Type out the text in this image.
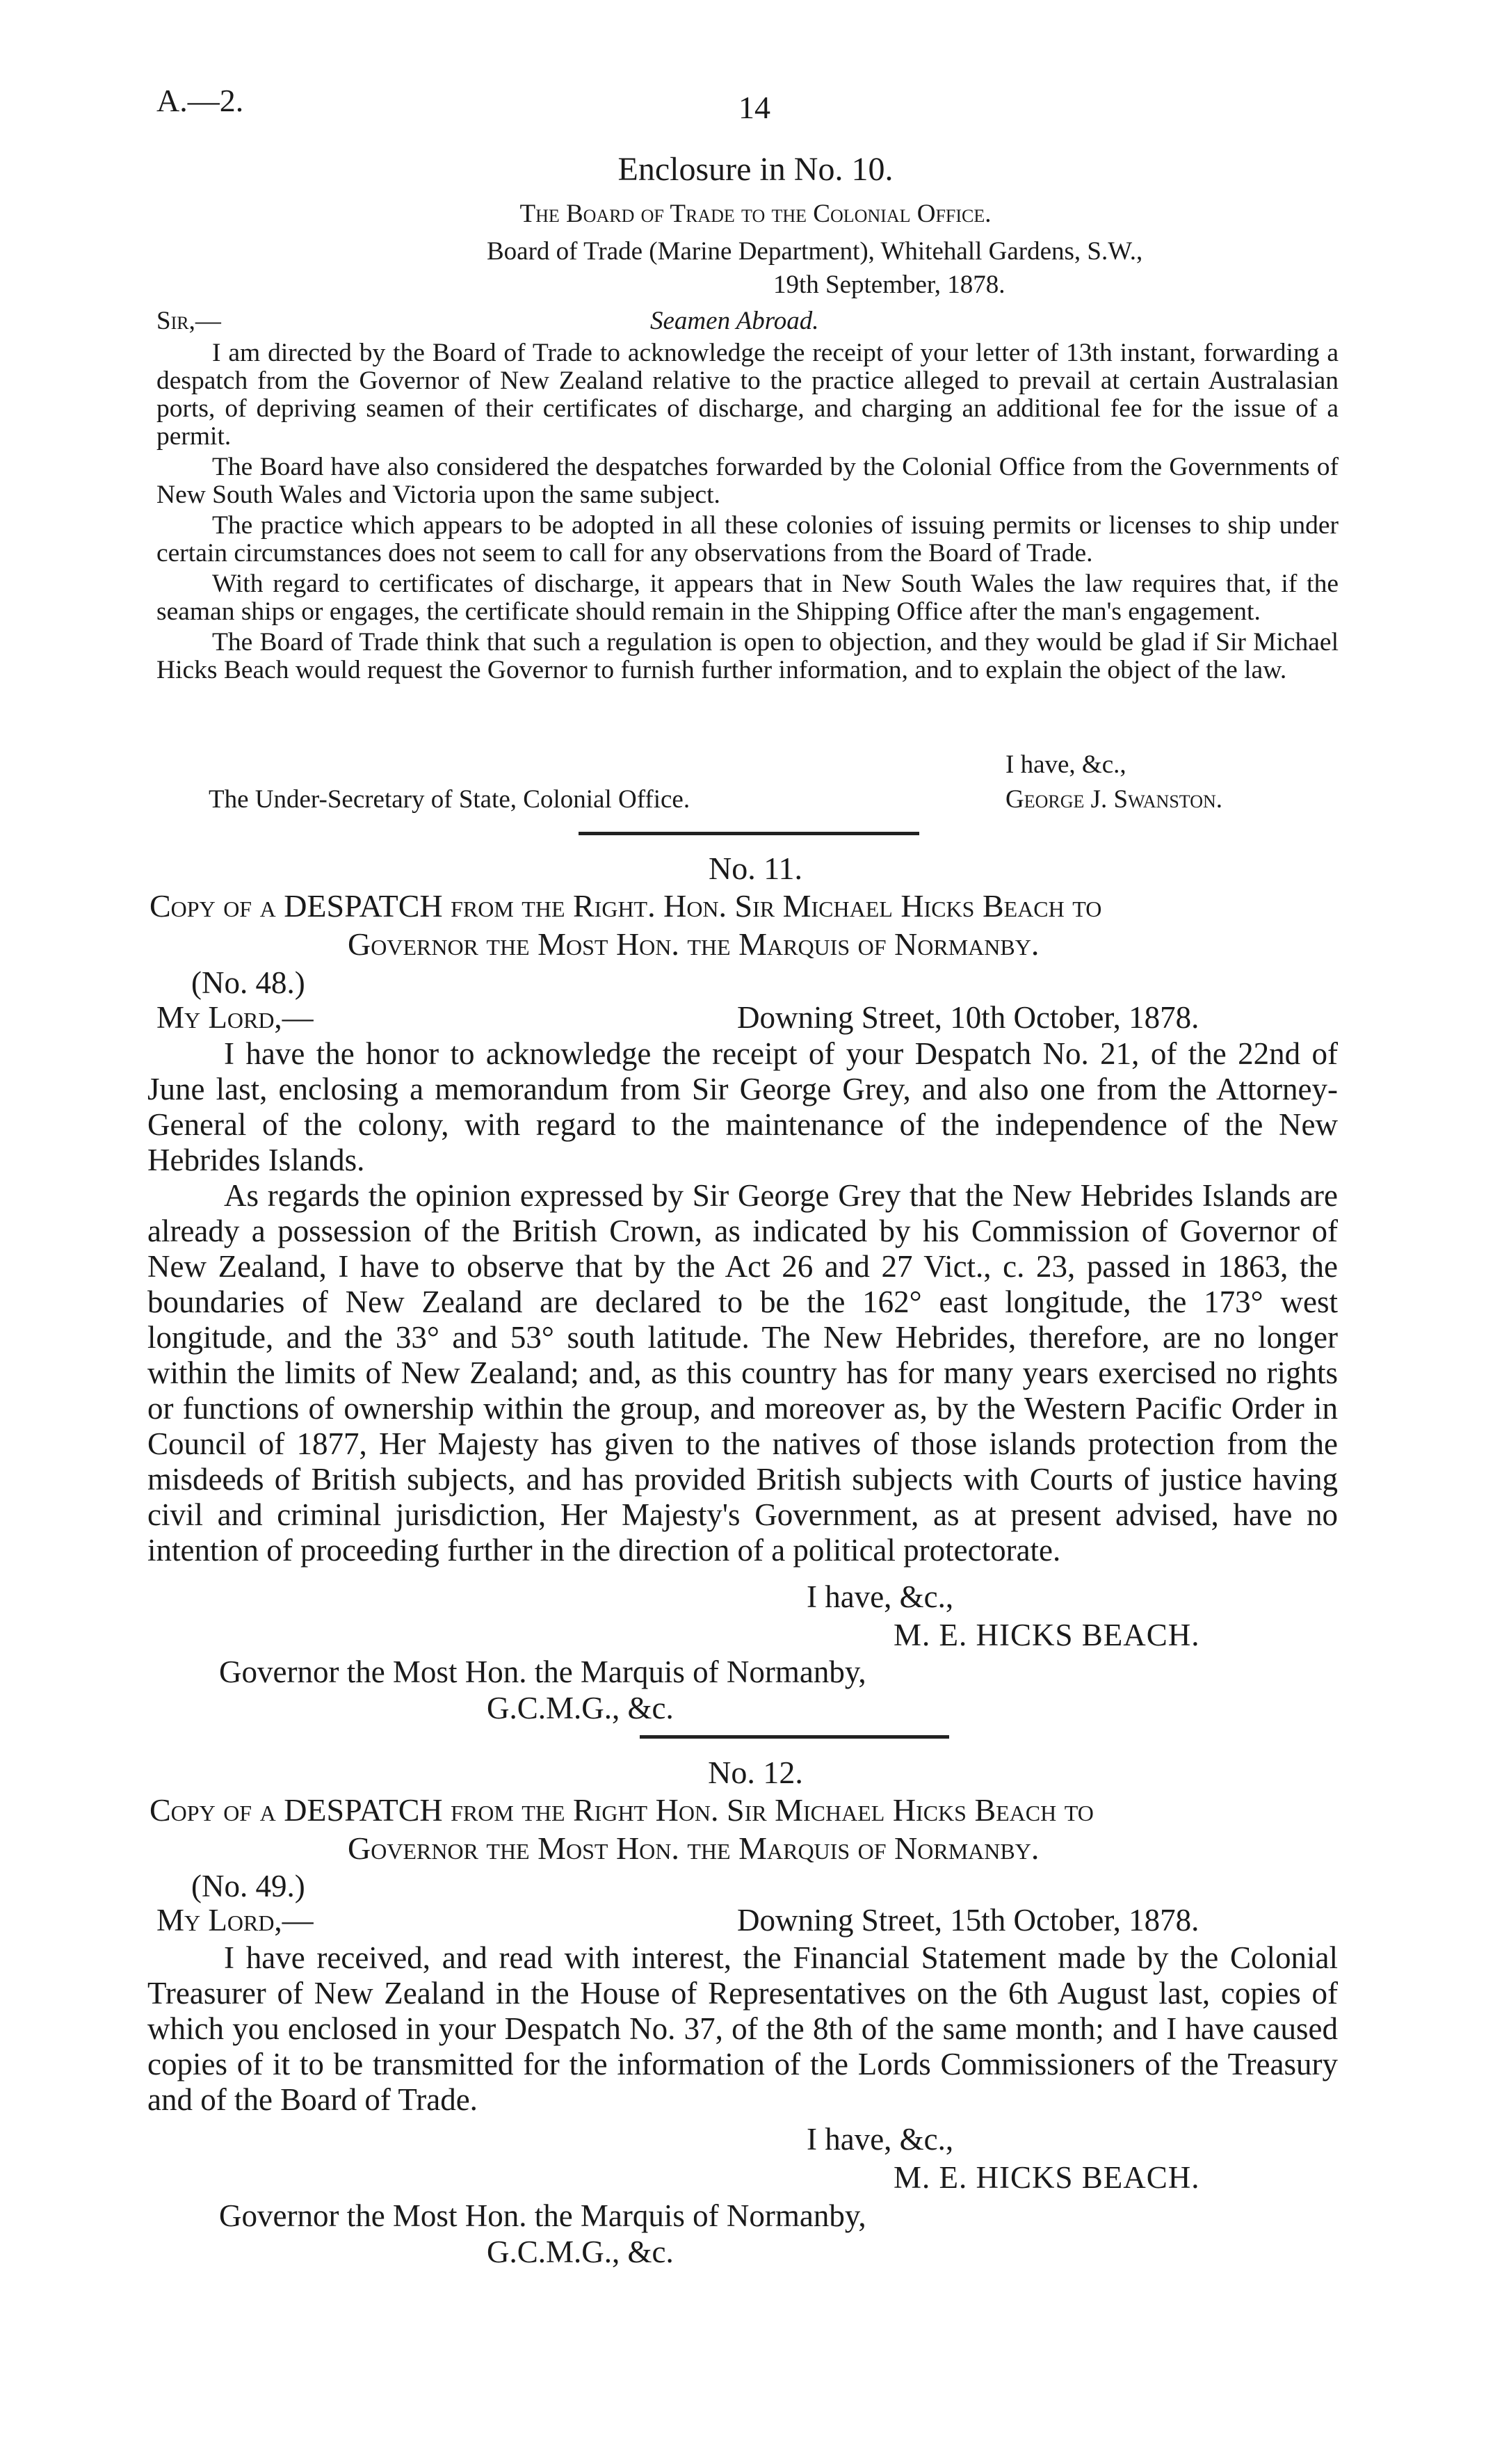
A.—2.	14
Enclosure in No. 10.
The Board of Trade to the Colonial Office.
Board of Trade (Marine Department), Whitehall Gardens, S.W.,
19th September, 1878.
Sir,—	Seamen Abroad.

I am directed by the Board of Trade to acknowledge the receipt of your letter of 13th instant, forwarding a despatch from the Governor of New Zealand relative to the practice alleged to prevail at certain Australasian ports, of depriving seamen of their certificates of discharge, and charging an additional fee for the issue of a permit.

The Board have also considered the despatches forwarded by the Colonial Office from the Governments of New South Wales and Victoria upon the same subject.

The practice which appears to be adopted in all these colonies of issuing permits or licenses to ship under certain circumstances does not seem to call for any observations from the Board of Trade.

With regard to certificates of discharge, it appears that in New South Wales the law requires that, if the seaman ships or engages, the certificate should remain in the Shipping Office after the man's engagement.

The Board of Trade think that such a regulation is open to objection, and they would be glad if Sir Michael Hicks Beach would request the Governor to furnish further information, and to explain the object of the law.

I have, &c.,
The Under-Secretary of State, Colonial Office.	George J. Swanston.
No. 11.
Copy of a DESPATCH from the Right. Hon. Sir Michael Hicks Beach to
Governor the Most Hon. the Marquis of Normanby.
(No. 48.)
My Lord,—	Downing Street, 10th October, 1878.

I have the honor to acknowledge the receipt of your Despatch No. 21, of the 22nd of June last, enclosing a memorandum from Sir George Grey, and also one from the Attorney-General of the colony, with regard to the maintenance of the independence of the New Hebrides Islands.

As regards the opinion expressed by Sir George Grey that the New Hebrides Islands are already a possession of the British Crown, as indicated by his Commission of Governor of New Zealand, I have to observe that by the Act 26 and 27 Vict., c. 23, passed in 1863, the boundaries of New Zealand are declared to be the 162° east longitude, the 173° west longitude, and the 33° and 53° south latitude. The New Hebrides, therefore, are no longer within the limits of New Zealand; and, as this country has for many years exercised no rights or functions of ownership within the group, and moreover as, by the Western Pacific Order in Council of 1877, Her Majesty has given to the natives of those islands protection from the misdeeds of British subjects, and has provided British subjects with Courts of justice having civil and criminal jurisdiction, Her Majesty's Government, as at present advised, have no intention of proceeding further in the direction of a political protectorate.

I have, &c.,
M. E. HICKS BEACH.
Governor the Most Hon. the Marquis of Normanby,
G.C.M.G., &c.
No. 12.
Copy of a DESPATCH from the Right Hon. Sir Michael Hicks Beach to
Governor the Most Hon. the Marquis of Normanby.
(No. 49.)
My Lord,—	Downing Street, 15th October, 1878.

I have received, and read with interest, the Financial Statement made by the Colonial Treasurer of New Zealand in the House of Representatives on the 6th August last, copies of which you enclosed in your Despatch No. 37, of the 8th of the same month; and I have caused copies of it to be transmitted for the information of the Lords Commissioners of the Treasury and of the Board of Trade.

I have, &c.,
M. E. HICKS BEACH.
Governor the Most Hon. the Marquis of Normanby,
G.C.M.G., &c.
